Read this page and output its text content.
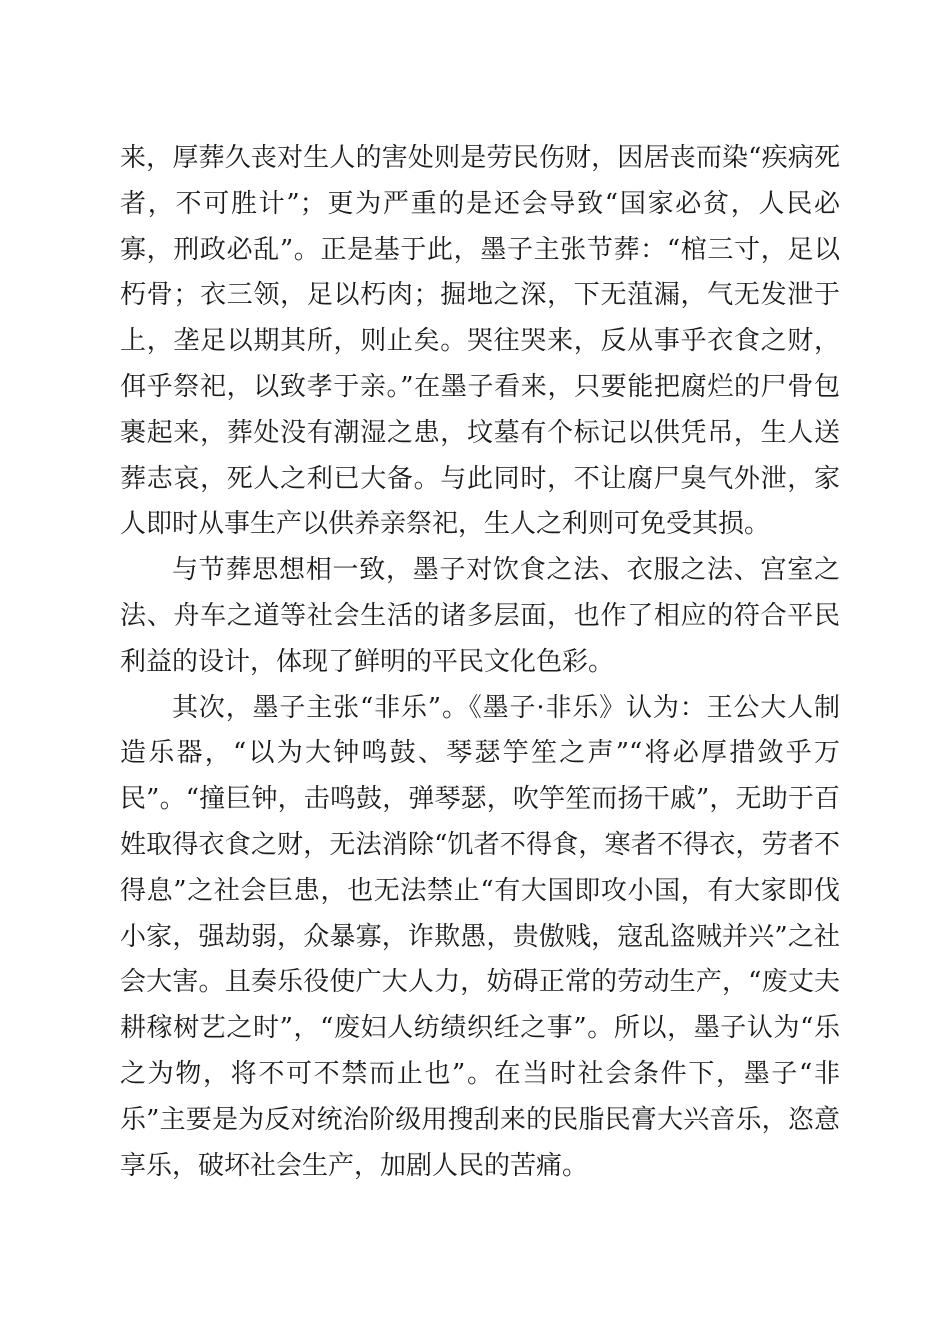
来，厚葬久丧对生人的害处则是劳民伤财，因居丧而染“疾病死者，不可胜计”；更为严重的是还会导致“国家必贫，人民必寡，刑政必乱”。正是基于此，墨子主张节葬：“棺三寸，足以朽骨；衣三领，足以朽肉；掘地之深，下无菹漏，气无发泄于上，垄足以期其所，则止矣。哭往哭来，反从事乎衣食之财，佴乎祭祀，以致孝于亲。”在墨子看来，只要能把腐烂的尸骨包裹起来，葬处没有潮湿之患，坟墓有个标记以供凭吊，生人送葬志哀，死人之利已大备。与此同时，不让腐尸臭气外泄，家人即时从事生产以供养亲祭祀，生人之利则可免受其损。

与节葬思想相一致，墨子对饮食之法、衣服之法、宫室之法、舟车之道等社会生活的诸多层面，也作了相应的符合平民利益的设计，体现了鲜明的平民文化色彩。

其次，墨子主张“非乐”。《墨子·非乐》认为：王公大人制造乐器，“以为大钟鸣鼓、琴瑟竽笙之声”“将必厚措敛乎万民”。“撞巨钟，击鸣鼓，弹琴瑟，吹竽笙而扬干戚”，无助于百姓取得衣食之财，无法消除“饥者不得食，寒者不得衣，劳者不得息”之社会巨患，也无法禁止“有大国即攻小国，有大家即伐小家，强劫弱，众暴寡，诈欺愚，贵傲贱，寇乱盗贼并兴”之社会大害。且奏乐役使广大人力，妨碍正常的劳动生产，“废丈夫耕稼树艺之时”，“废妇人纺绩织纴之事”。所以，墨子认为“乐之为物，将不可不禁而止也”。在当时社会条件下，墨子“非乐”主要是为反对统治阶级用搜刮来的民脂民膏大兴音乐，恣意享乐，破坏社会生产，加剧人民的苦痛。
